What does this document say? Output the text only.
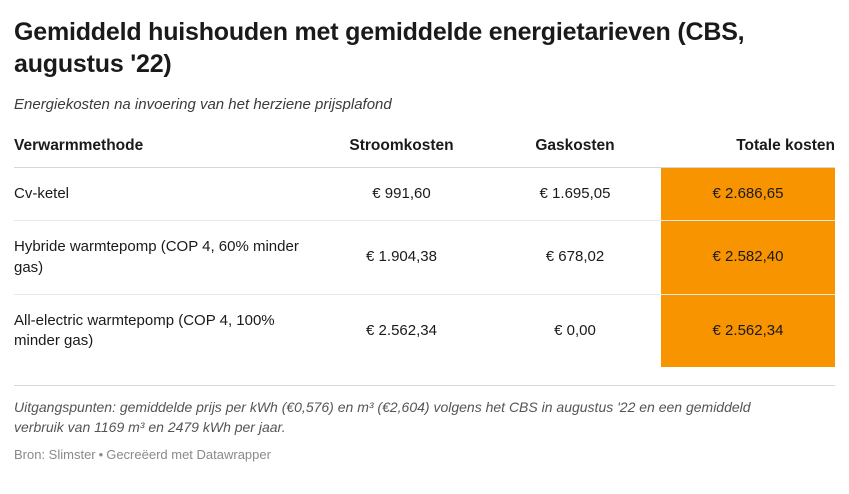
Gemiddeld huishouden met gemiddelde energietarieven (CBS, augustus '22)

Energiekosten na invoering van het herziene prijsplafond

Verwarmmethode	Stroomkosten	Gaskosten	Totale kosten
Cv-ketel	€ 991,60	€ 1.695,05	€ 2.686,65
Hybride warmtepomp (COP 4, 60% minder gas)	€ 1.904,38	€ 678,02	€ 2.582,40
All-electric warmtepomp (COP 4, 100% minder gas)	€ 2.562,34	€ 0,00	€ 2.562,34

Uitgangspunten: gemiddelde prijs per kWh (€0,576) en m³ (€2,604) volgens het CBS in augustus '22 en een gemiddeld verbruik van 1169 m³ en 2479 kWh per jaar.

Bron: Slimster • Gecreëerd met Datawrapper
